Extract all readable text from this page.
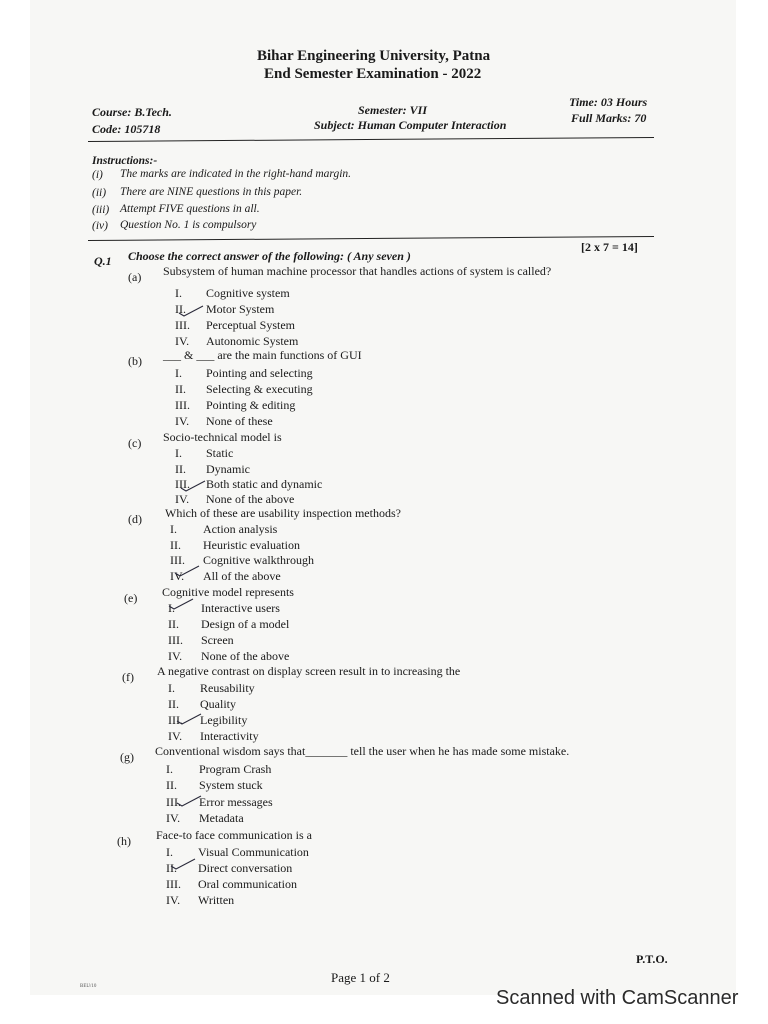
Bihar Engineering University, Patna
End Semester Examination - 2022
Course: B.Tech.
Code: 105718
Semester: VII
Subject: Human Computer Interaction
Time: 03 Hours
Full Marks: 70
Instructions:-
(i) The marks are indicated in the right-hand margin.
(ii) There are NINE questions in this paper.
(iii) Attempt FIVE questions in all.
(iv) Question No. 1 is compulsory
Q.1 Choose the correct answer of the following: ( Any seven )
[2 x 7 = 14]
(a) Subsystem of human machine processor that handles actions of system is called?
I. Cognitive system
II. Motor System
III. Perceptual System
IV. Autonomic System
(b) ___ & ___ are the main functions of GUI
I. Pointing and selecting
II. Selecting & executing
III. Pointing & editing
IV. None of these
(c) Socio-technical model is
I. Static
II. Dynamic
III. Both static and dynamic
IV. None of the above
(d) Which of these are usability inspection methods?
I. Action analysis
II. Heuristic evaluation
III. Cognitive walkthrough
IV. All of the above
(e) Cognitive model represents
I. Interactive users
II. Design of a model
III. Screen
IV. None of the above
(f) A negative contrast on display screen result in to increasing the
I. Reusability
II. Quality
III. Legibility
IV. Interactivity
(g) Conventional wisdom says that_______ tell the user when he has made some mistake.
I. Program Crash
II. System stuck
III. Error messages
IV. Metadata
(h) Face-to face communication is a
I. Visual Communication
II. Direct conversation
III. Oral communication
IV. Written
P.T.O.
Page 1 of 2
BEU/10
Scanned with CamScanner
